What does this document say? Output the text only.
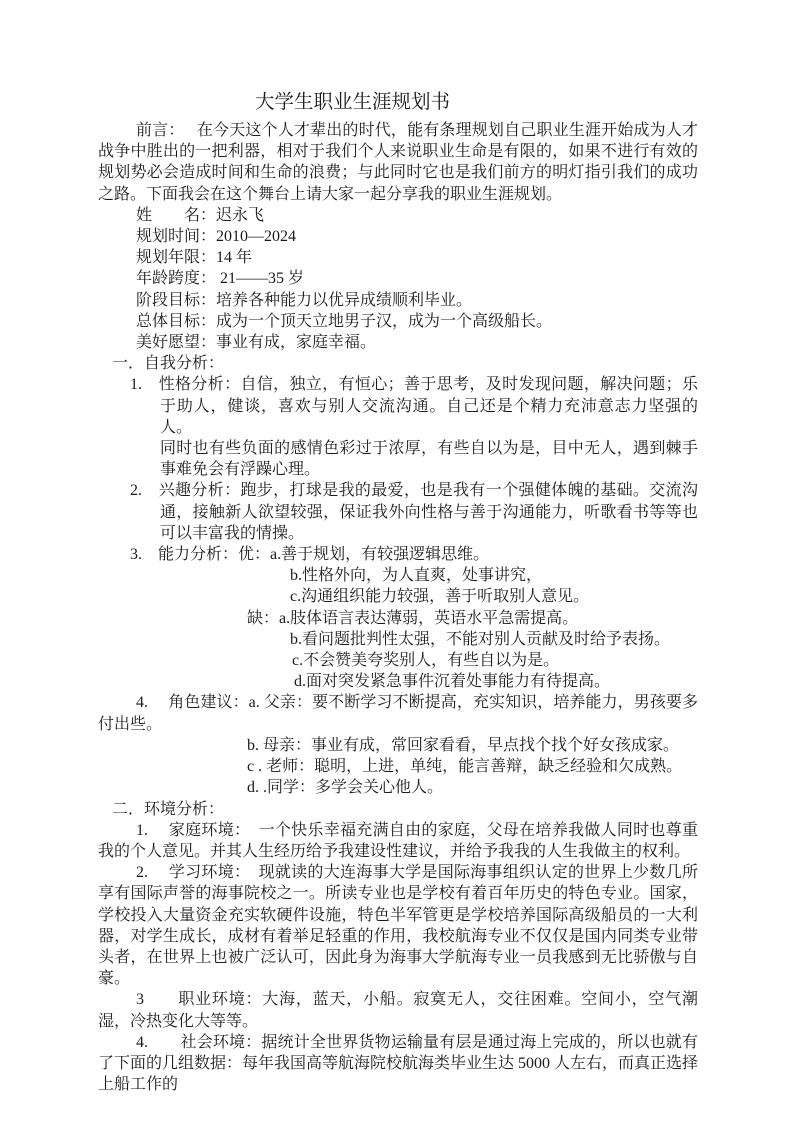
大学生职业生涯规划书
前言：　 在今天这个人才辈出的时代，能有条理规划自己职业生涯开始成为人才战争中胜出的一把利器，相对于我们个人来说职业生命是有限的，如果不进行有效的规划势必会造成时间和生命的浪费；与此同时它也是我们前方的明灯指引我们的成功之路。下面我会在这个舞台上请大家一起分享我的职业生涯规划。
姓　　名：迟永飞
规划时间：2010—2024
规划年限：14 年
年龄跨度： 21——35 岁
阶段目标：培养各种能力以优异成绩顺利毕业。
总体目标：成为一个顶天立地男子汉，成为一个高级船长。
美好愿望：事业有成，家庭幸福。
一．自我分析：
1.　性格分析：自信，独立，有恒心；善于思考，及时发现问题，解决问题；乐于助人，健谈，喜欢与别人交流沟通。自己还是个精力充沛意志力坚强的人。
同时也有些负面的感情色彩过于浓厚，有些自以为是，目中无人，遇到棘手事难免会有浮躁心理。
2.　兴趣分析：跑步，打球是我的最爱，也是我有一个强健体魄的基础。交流沟通，接触新人欲望较强，保证我外向性格与善于沟通能力，听歌看书等等也可以丰富我的情操。
3.　能力分析：优：a.善于规划，有较强逻辑思维。
b.性格外向，为人直爽，处事讲究，
c.沟通组织能力较强，善于听取别人意见。
缺：a.肢体语言表达薄弱，英语水平急需提高。
b.看问题批判性太强，不能对别人贡献及时给予表扬。
c.不会赞美夸奖别人，有些自以为是。
d.面对突发紧急事件沉着处事能力有待提高。
4.　 角色建议：a. 父亲：要不断学习不断提高，充实知识，培养能力，男孩要多付出些。
b. 母亲：事业有成，常回家看看，早点找个找个好女孩成家。
c . 老师：聪明，上进，单纯，能言善辩，缺乏经验和欠成熟。
d. .同学：多学会关心他人。
二．环境分析：
1.　 家庭环境：　一个快乐幸福充满自由的家庭，父母在培养我做人同时也尊重我的个人意见。并其人生经历给予我建设性建议，并给予我我的人生我做主的权利。
2.　 学习环境：　现就读的大连海事大学是国际海事组织认定的世界上少数几所享有国际声誉的海事院校之一。所读专业也是学校有着百年历史的特色专业。国家，学校投入大量资金充实软硬件设施，特色半军管更是学校培养国际高级船员的一大利器，对学生成长，成材有着举足轻重的作用，我校航海专业不仅仅是国内同类专业带头者，在世界上也被广泛认可，因此身为海事大学航海专业一员我感到无比骄傲与自豪。
3　　职业环境：大海，蓝天，小船。寂寞无人，交往困难。空间小，空气潮湿，冷热变化大等等。
4.　　社会环境：据统计全世界货物运输量有层是通过海上完成的，所以也就有了下面的几组数据：每年我国高等航海院校航海类毕业生达 5000 人左右，而真正选择上船工作的
